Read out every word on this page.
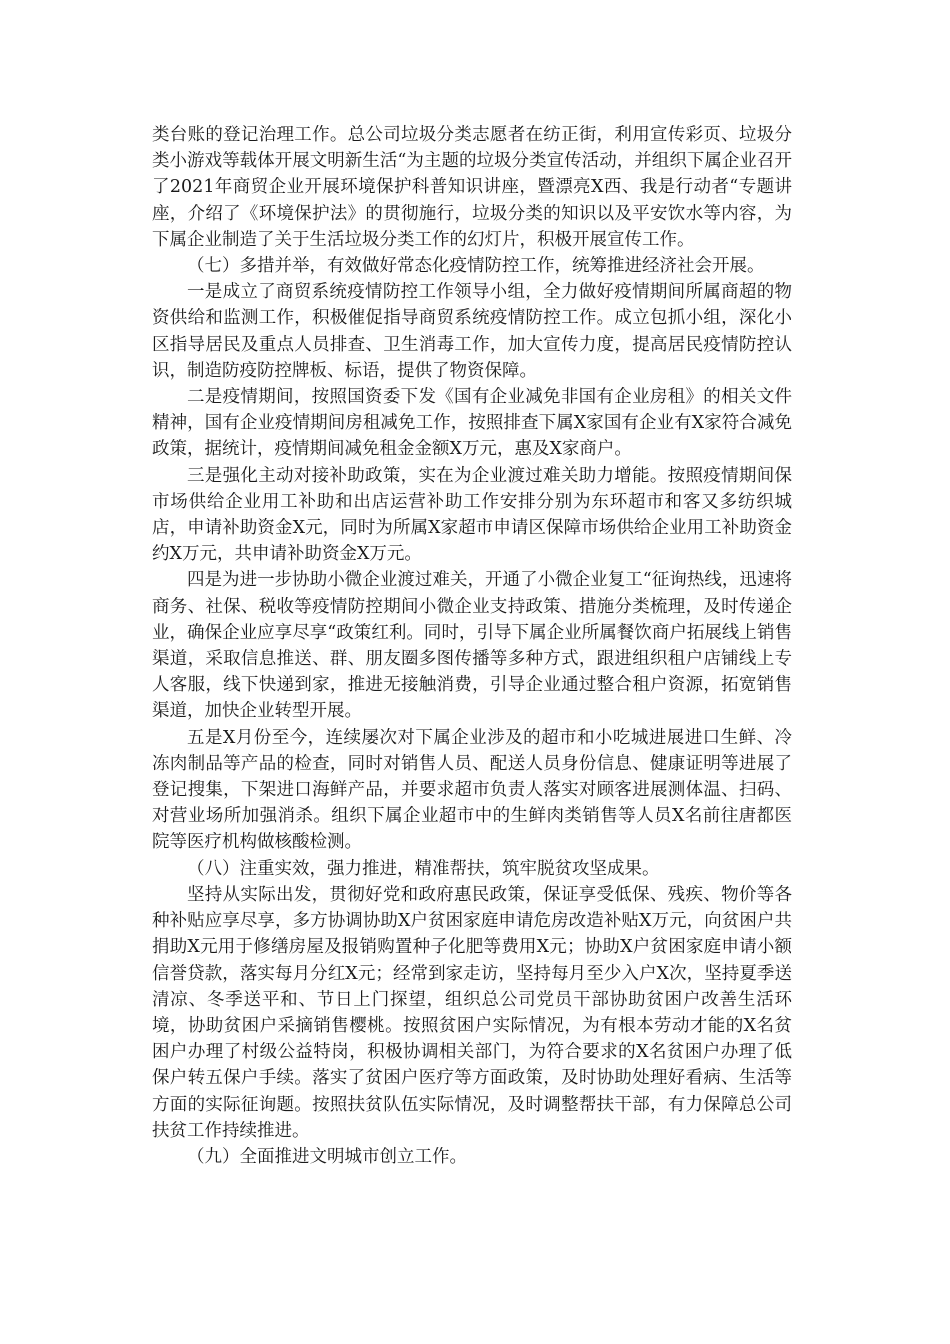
类台账的登记治理工作。总公司垃圾分类志愿者在纺正街，利用宣传彩页、垃圾分类小游戏等载体开展文明新生活“为主题的垃圾分类宣传活动，并组织下属企业召开了2021年商贸企业开展环境保护科普知识讲座，暨漂亮X西、我是行动者“专题讲座，介绍了《环境保护法》的贯彻施行，垃圾分类的知识以及平安饮水等内容，为下属企业制造了关于生活垃圾分类工作的幻灯片，积极开展宣传工作。

（七）多措并举，有效做好常态化疫情防控工作，统筹推进经济社会开展。

一是成立了商贸系统疫情防控工作领导小组，全力做好疫情期间所属商超的物资供给和监测工作，积极催促指导商贸系统疫情防控工作。成立包抓小组，深化小区指导居民及重点人员排查、卫生消毒工作，加大宣传力度，提高居民疫情防控认识，制造防疫防控牌板、标语，提供了物资保障。

二是疫情期间，按照国资委下发《国有企业减免非国有企业房租》的相关文件精神，国有企业疫情期间房租减免工作，按照排查下属X家国有企业有X家符合减免政策，据统计，疫情期间减免租金金额X万元，惠及X家商户。

三是强化主动对接补助政策，实在为企业渡过难关助力增能。按照疫情期间保市场供给企业用工补助和出店运营补助工作安排分别为东环超市和客又多纺织城店，申请补助资金X元，同时为所属X家超市申请区保障市场供给企业用工补助资金约X万元，共申请补助资金X万元。

四是为进一步协助小微企业渡过难关，开通了小微企业复工“征询热线，迅速将商务、社保、税收等疫情防控期间小微企业支持政策、措施分类梳理，及时传递企业，确保企业应享尽享“政策红利。同时，引导下属企业所属餐饮商户拓展线上销售渠道，采取信息推送、群、朋友圈多图传播等多种方式，跟进组织租户店铺线上专人客服，线下快递到家，推进无接触消费，引导企业通过整合租户资源，拓宽销售渠道，加快企业转型开展。

五是X月份至今，连续屡次对下属企业涉及的超市和小吃城进展进口生鲜、冷冻肉制品等产品的检查，同时对销售人员、配送人员身份信息、健康证明等进展了登记搜集，下架进口海鲜产品，并要求超市负责人落实对顾客进展测体温、扫码、对营业场所加强消杀。组织下属企业超市中的生鲜肉类销售等人员X名前往唐都医院等医疗机构做核酸检测。

（八）注重实效，强力推进，精准帮扶，筑牢脱贫攻坚成果。

坚持从实际出发，贯彻好党和政府惠民政策，保证享受低保、残疾、物价等各种补贴应享尽享，多方协调协助X户贫困家庭申请危房改造补贴X万元，向贫困户共捐助X元用于修缮房屋及报销购置种子化肥等费用X元；协助X户贫困家庭申请小额信誉贷款，落实每月分红X元；经常到家走访，坚持每月至少入户X次，坚持夏季送清凉、冬季送平和、节日上门探望，组织总公司党员干部协助贫困户改善生活环境，协助贫困户采摘销售樱桃。按照贫困户实际情况，为有根本劳动才能的X名贫困户办理了村级公益特岗，积极协调相关部门，为符合要求的X名贫困户办理了低保户转五保户手续。落实了贫困户医疗等方面政策，及时协助处理好看病、生活等方面的实际征询题。按照扶贫队伍实际情况，及时调整帮扶干部，有力保障总公司扶贫工作持续推进。

（九）全面推进文明城市创立工作。
